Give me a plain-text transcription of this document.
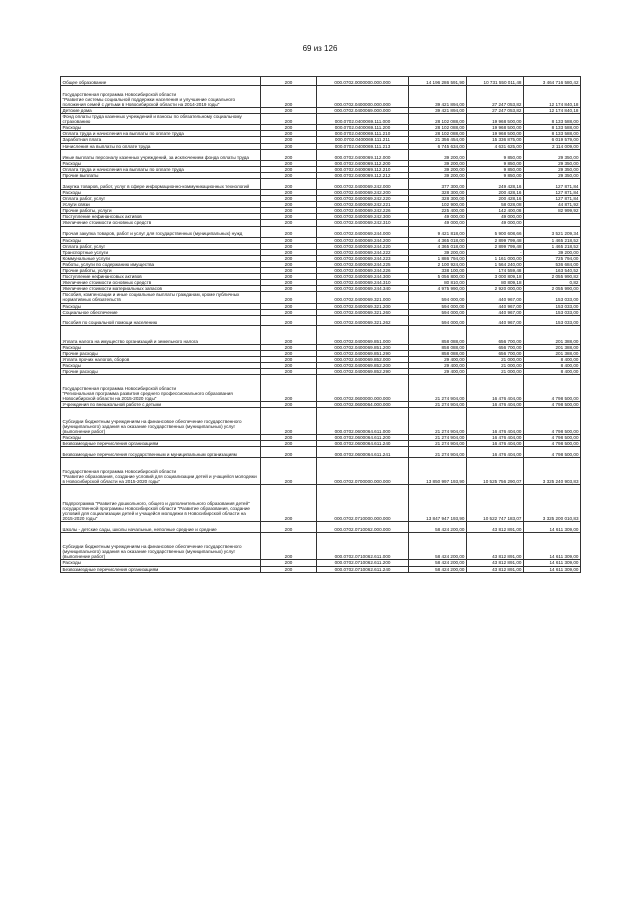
69 из 126
Общее образование	200	000.0702.0000000.000.000	14 196 286 591,90	10 731 550 011,48	3 464 716 580,42
Государственная программа Новосибирской области
"Развитие системы социальной поддержки населения и улучшение социального положения семей с детьми в Новосибирской области на 2014-2019 годы"	200	000.0702.0400000.000.000	39 421 894,00	27 247 053,82	12 174 840,18
Детские дома	200	000.0702.0400069.000.000	39 421 894,00	27 247 053,82	12 174 840,18
Фонд оплаты труда казенных учреждений и взносы по обязательному социальному страхованию	200	000.0702.0400069.111.000	28 102 088,00	19 968 500,00	8 133 588,00
Расходы	200	000.0702.0400069.111.200	28 102 088,00	19 968 500,00	8 133 588,00
Оплата труда и начисления на выплаты по оплате труда	200	000.0702.0400069.111.210	28 102 088,00	19 968 500,00	8 133 588,00
Заработная плата	200	000.0702.0400069.111.211	21 356 454,00	15 336 875,00	6 019 579,00
Начисления на выплаты по оплате труда	200	000.0702.0400069.111.213	6 745 634,00	4 631 625,00	2 114 009,00
Иные выплаты персоналу казенных учреждений, за исключением фонда оплаты труда	200	000.0702.0400069.112.000	39 200,00	9 850,00	29 350,00
Расходы	200	000.0702.0400069.112.200	39 200,00	9 850,00	29 350,00
Оплата труда и начисления на выплаты по оплате труда	200	000.0702.0400069.112.210	39 200,00	9 850,00	29 350,00
Прочие выплаты	200	000.0702.0400069.112.212	39 200,00	9 850,00	29 350,00
Закупка товаров, работ, услуг в сфере информационно-коммуникационных технологий	200	000.0702.0400069.242.000	377 300,00	249 428,16	127 871,84
Расходы	200	000.0702.0400069.242.200	328 300,00	200 428,16	127 871,84
Оплата работ, услуг	200	000.0702.0400069.242.220	328 300,00	200 428,16	127 871,84
Услуги связи	200	000.0702.0400069.242.221	102 900,00	58 028,08	44 871,92
Прочие работы, услуги	200	000.0702.0400069.242.226	225 400,00	142 400,08	82 999,92
Поступление нефинансовых активов	200	000.0702.0400069.242.300	49 000,00	49 000,00	
Увеличение стоимости основных средств	200	000.0702.0400069.242.310	49 000,00	49 000,00	
Прочая закупка товаров, работ и услуг для государственных (муниципальных) нужд	200	000.0702.0400069.244.000	9 421 818,00	5 900 608,66	3 521 209,34
Расходы	200	000.0702.0400069.244.200	4 365 018,00	2 899 799,48	1 465 218,52
Оплата работ, услуг	200	000.0702.0400069.244.220	4 365 018,00	2 899 799,48	1 465 218,52
Транспортные услуги	200	000.0702.0400069.244.222	39 200,00	-	39 200,00
Коммунальные услуги	200	000.0702.0400069.244.223	1 886 794,00	1 161 000,00	725 794,00
Работы, услуги по содержанию имущества	200	000.0702.0400069.244.225	2 100 924,00	1 564 240,00	536 684,00
Прочие работы, услуги	200	000.0702.0400069.244.226	338 100,00	174 559,48	163 540,52
Поступление нефинансовых активов	200	000.0702.0400069.244.300	5 056 800,00	3 000 809,18	2 055 990,82
Увеличение стоимости основных средств	200	000.0702.0400069.244.310	80 810,00	80 809,18	0,82
Увеличение стоимости материальных запасов	200	000.0702.0400069.244.340	4 975 990,00	2 920 000,00	2 055 990,00
Пособия, компенсации и иные социальные выплаты гражданам, кроме публичных нормативных обязательств	200	000.0702.0400069.321.000	594 000,00	440 967,00	153 033,00
Расходы	200	000.0702.0400069.321.200	594 000,00	440 967,00	153 033,00
Социальное обеспечение	200	000.0702.0400069.321.260	594 000,00	440 967,00	153 033,00
Пособия по социальной помощи населению	200	000.0702.0400069.321.262	594 000,00	440 967,00	153 033,00
Уплата налога на имущество организаций и земельного налога	200	000.0702.0400069.851.000	858 088,00	656 700,00	201 388,00
Расходы	200	000.0702.0400069.851.200	858 088,00	656 700,00	201 388,00
Прочие расходы	200	000.0702.0400069.851.290	858 088,00	656 700,00	201 388,00
Уплата прочих налогов, сборов	200	000.0702.0400069.852.000	29 400,00	21 000,00	8 400,00
Расходы	200	000.0702.0400069.852.200	29 400,00	21 000,00	8 400,00
Прочие расходы	200	000.0702.0400069.852.290	29 400,00	21 000,00	8 400,00
Государственная программа Новосибирской области
"Региональная программа развития среднего профессионального образования Новосибирской области на 2015-2020 годы"	200	000.0702.0600000.000.000	21 274 904,00	16 476 404,00	4 798 500,00
Учреждения по внешкольной работе с детьми	200	000.0702.0600064.000.000	21 274 904,00	16 476 404,00	4 798 500,00
Субсидии бюджетным учреждениям на финансовое обеспечение государственного (муниципального) задания на оказание государственных (муниципальных) услуг (выполнение работ)	200	000.0702.0600064.611.000	21 274 904,00	16 476 404,00	4 798 500,00
Расходы	200	000.0702.0600064.611.200	21 274 904,00	16 476 404,00	4 798 500,00
Безвозмездные перечисления организациям	200	000.0702.0600064.611.240	21 274 904,00	16 476 404,00	4 798 500,00
Безвозмездные перечисления государственным и муниципальным организациям	200	000.0702.0600064.611.241	21 274 904,00	16 476 404,00	4 798 500,00
Государственная программа Новосибирской области
"Развитие образования, создание условий для социализации детей и учащейся молодежи в Новосибирской области на 2015-2020 годы"	200	000.0702.0700000.000.000	13 850 997 193,90	10 525 756 290,07	3 325 240 903,83
Подпрограмма "Развитие дошкольного, общего и дополнительного образования детей" государственной программы Новосибирской области "Развитие образования, создание условий для социализации детей и учащейся молодежи в Новосибирской области на 2015-2020 годы"	200	000.0702.0710000.000.000	13 847 947 193,90	10 522 747 183,07	3 325 200 010,83
Школы - детские сады, школы начальные, неполные средние и средние	200	000.0702.0710062.000.000	58 424 200,00	43 812 891,00	14 611 309,00
Субсидии бюджетным учреждениям на финансовое обеспечение государственного (муниципального) задания на оказание государственных (муниципальных) услуг (выполнение работ)	200	000.0702.0710062.611.000	58 424 200,00	43 812 891,00	14 611 309,00
Расходы	200	000.0702.0710062.611.200	58 424 200,00	43 812 891,00	14 611 309,00
Безвозмездные перечисления организациям	200	000.0702.0710062.611.240	58 424 200,00	43 812 891,00	14 611 309,00
